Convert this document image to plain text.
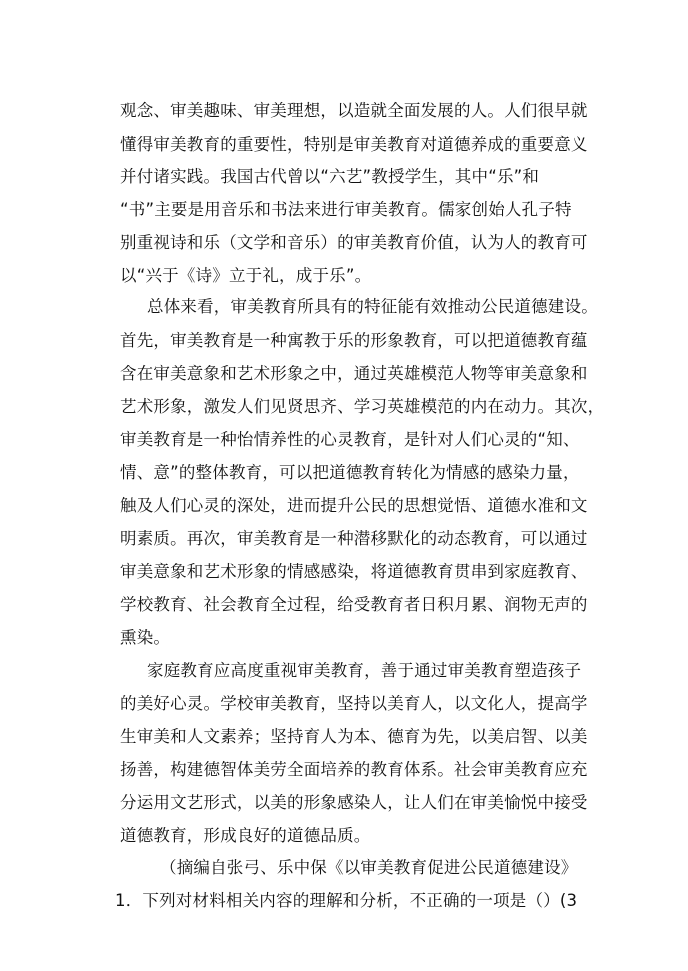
观念、审美趣味、审美理想，以造就全面发展的人。人们很早就
懂得审美教育的重要性，特别是审美教育对道德养成的重要意义
并付诸实践。我国古代曾以“六艺”教授学生，其中“乐”和
“书”主要是用音乐和书法来进行审美教育。儒家创始人孔子特
别重视诗和乐（文学和音乐）的审美教育价值，认为人的教育可
以“兴于《诗》立于礼，成于乐”。
总体来看，审美教育所具有的特征能有效推动公民道德建设。
首先，审美教育是一种寓教于乐的形象教育，可以把道德教育蕴
含在审美意象和艺术形象之中，通过英雄模范人物等审美意象和
艺术形象，激发人们见贤思齐、学习英雄模范的内在动力。其次，
审美教育是一种怡情养性的心灵教育，是针对人们心灵的“知、
情、意”的整体教育，可以把道德教育转化为情感的感染力量，
触及人们心灵的深处，进而提升公民的思想觉悟、道德水准和文
明素质。再次，审美教育是一种潜移默化的动态教育，可以通过
审美意象和艺术形象的情感感染，将道德教育贯串到家庭教育、
学校教育、社会教育全过程，给受教育者日积月累、润物无声的
熏染。
家庭教育应高度重视审美教育，善于通过审美教育塑造孩子
的美好心灵。学校审美教育，坚持以美育人，以文化人，提高学
生审美和人文素养；坚持育人为本、德育为先，以美启智、以美
扬善，构建德智体美劳全面培养的教育体系。社会审美教育应充
分运用文艺形式，以美的形象感染人，让人们在审美愉悦中接受
道德教育，形成良好的道德品质。
（摘编自张弓、乐中保《以审美教育促进公民道德建设》
1．下列对材料相关内容的理解和分析，不正确的一项是（）(3
